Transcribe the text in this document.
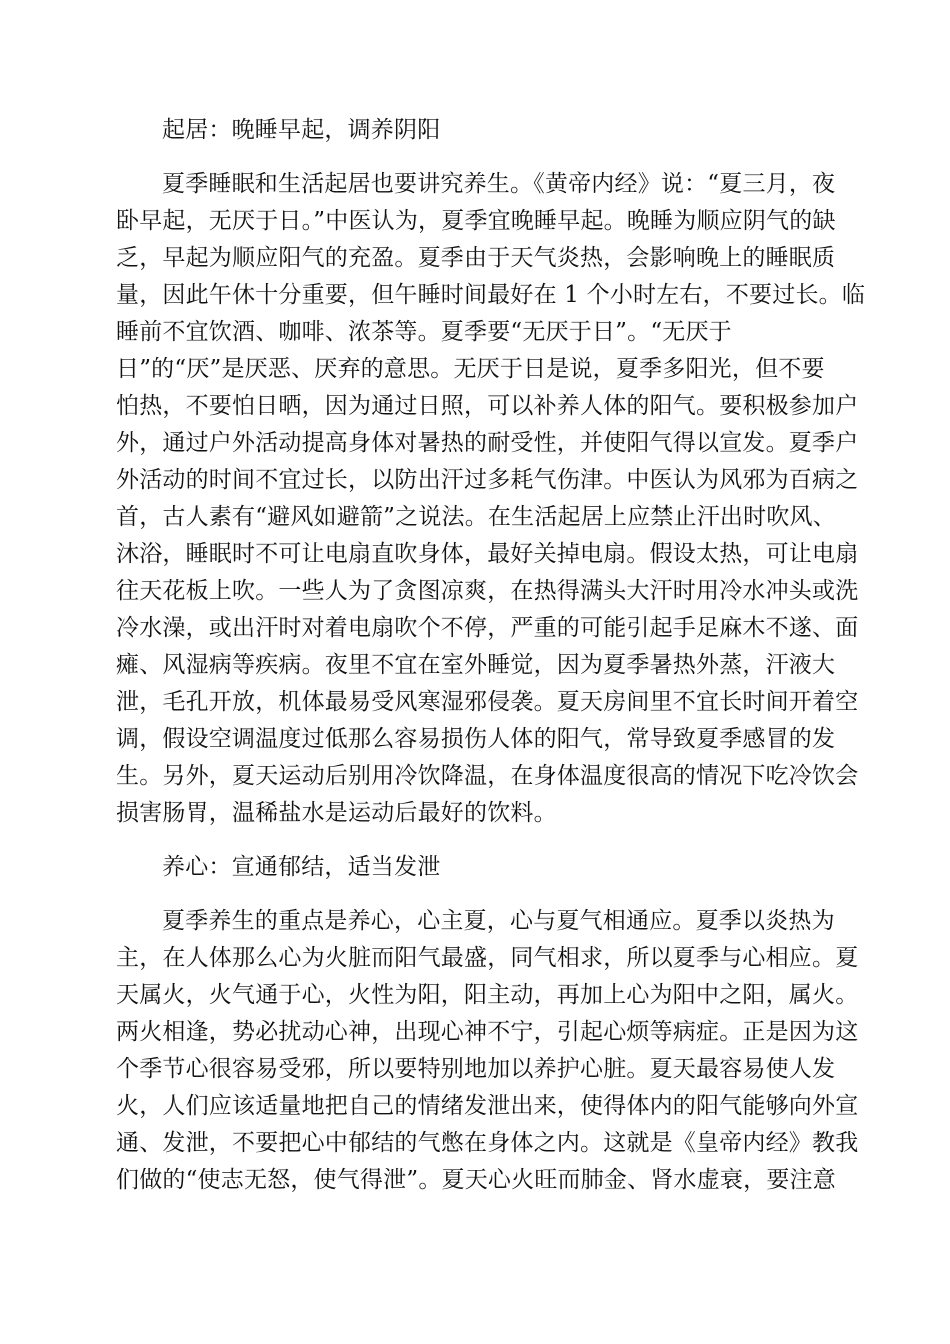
起居：晚睡早起，调养阴阳
夏季睡眠和生活起居也要讲究养生。《黄帝内经》说：“夏三月，夜
卧早起，无厌于日。”中医认为，夏季宜晚睡早起。晚睡为顺应阴气的缺
乏，早起为顺应阳气的充盈。夏季由于天气炎热，会影响晚上的睡眠质
量，因此午休十分重要，但午睡时间最好在 1 个小时左右，不要过长。临
睡前不宜饮酒、咖啡、浓茶等。夏季要“无厌于日”。“无厌于
日”的“厌”是厌恶、厌弃的意思。无厌于日是说，夏季多阳光，但不要
怕热，不要怕日晒，因为通过日照，可以补养人体的阳气。要积极参加户
外，通过户外活动提高身体对暑热的耐受性，并使阳气得以宣发。夏季户
外活动的时间不宜过长，以防出汗过多耗气伤津。中医认为风邪为百病之
首，古人素有“避风如避箭”之说法。在生活起居上应禁止汗出时吹风、
沐浴，睡眠时不可让电扇直吹身体，最好关掉电扇。假设太热，可让电扇
往天花板上吹。一些人为了贪图凉爽，在热得满头大汗时用冷水冲头或洗
冷水澡，或出汗时对着电扇吹个不停，严重的可能引起手足麻木不遂、面
瘫、风湿病等疾病。夜里不宜在室外睡觉，因为夏季暑热外蒸，汗液大
泄，毛孔开放，机体最易受风寒湿邪侵袭。夏天房间里不宜长时间开着空
调，假设空调温度过低那么容易损伤人体的阳气，常导致夏季感冒的发
生。另外，夏天运动后别用冷饮降温，在身体温度很高的情况下吃冷饮会
损害肠胃，温稀盐水是运动后最好的饮料。
养心：宣通郁结，适当发泄
夏季养生的重点是养心，心主夏，心与夏气相通应。夏季以炎热为
主，在人体那么心为火脏而阳气最盛，同气相求，所以夏季与心相应。夏
天属火，火气通于心，火性为阳，阳主动，再加上心为阳中之阳，属火。
两火相逢，势必扰动心神，出现心神不宁，引起心烦等病症。正是因为这
个季节心很容易受邪，所以要特别地加以养护心脏。夏天最容易使人发
火，人们应该适量地把自己的情绪发泄出来，使得体内的阳气能够向外宣
通、发泄，不要把心中郁结的气憋在身体之内。这就是《皇帝内经》教我
们做的“使志无怒，使气得泄”。夏天心火旺而肺金、肾水虚衰，要注意
